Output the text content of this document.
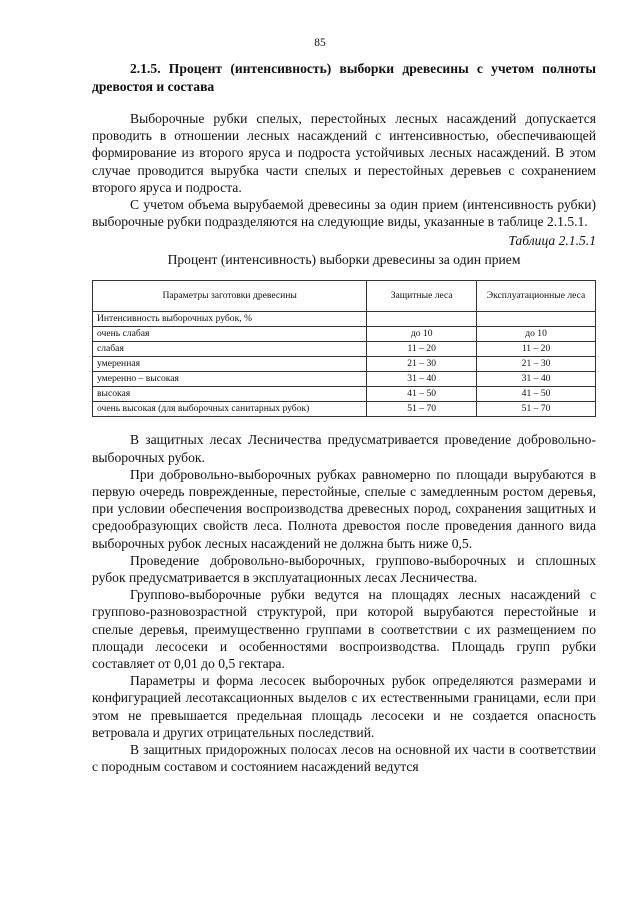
85
2.1.5. Процент (интенсивность) выборки древесины с учетом полноты древостоя и состава

Выборочные рубки спелых, перестойных лесных насаждений допускается проводить в отношении лесных насаждений с интенсивностью, обеспечивающей формирование из второго яруса и подроста устойчивых лесных насаждений. В этом случае проводится вырубка части спелых и перестойных деревьев с сохранением второго яруса и подроста.

С учетом объема вырубаемой древесины за один прием (интенсивность рубки) выборочные рубки подразделяются на следующие виды, указанные в таблице 2.1.5.1.

Таблица 2.1.5.1
Процент (интенсивность) выборки древесины за один прием
Параметры заготовки древесины	Защитные леса	Эксплуатационные леса
Интенсивность выборочных рубок, %		
очень слабая	до 10	до 10
слабая	11 – 20	11 – 20
умеренная	21 – 30	21 – 30
умеренно – высокая	31 – 40	31 – 40
высокая	41 – 50	41 – 50
очень высокая (для выборочных санитарных рубок)	51 – 70	51 – 70

В защитных лесах Лесничества предусматривается проведение добровольно-выборочных рубок.

При добровольно-выборочных рубках равномерно по площади вырубаются в первую очередь поврежденные, перестойные, спелые с замедленным ростом деревья, при условии обеспечения воспроизводства древесных пород, сохранения защитных и средообразующих свойств леса. Полнота древостоя после проведения данного вида выборочных рубок лесных насаждений не должна быть ниже 0,5.

Проведение добровольно-выборочных, группово-выборочных и сплошных рубок предусматривается в эксплуатационных лесах Лесничества.

Группово-выборочные рубки ведутся на площадях лесных насаждений с группово-разновозрастной структурой, при которой вырубаются перестойные и спелые деревья, преимущественно группами в соответствии с их размещением по площади лесосеки и особенностями воспроизводства. Площадь групп рубки составляет от 0,01 до 0,5 гектара.

Параметры и форма лесосек выборочных рубок определяются размерами и конфигурацией лесотаксационных выделов с их естественными границами, если при этом не превышается предельная площадь лесосеки и не создается опасность ветровала и других отрицательных последствий.

В защитных придорожных полосах лесов на основной их части в соответствии с породным составом и состоянием насаждений ведутся
